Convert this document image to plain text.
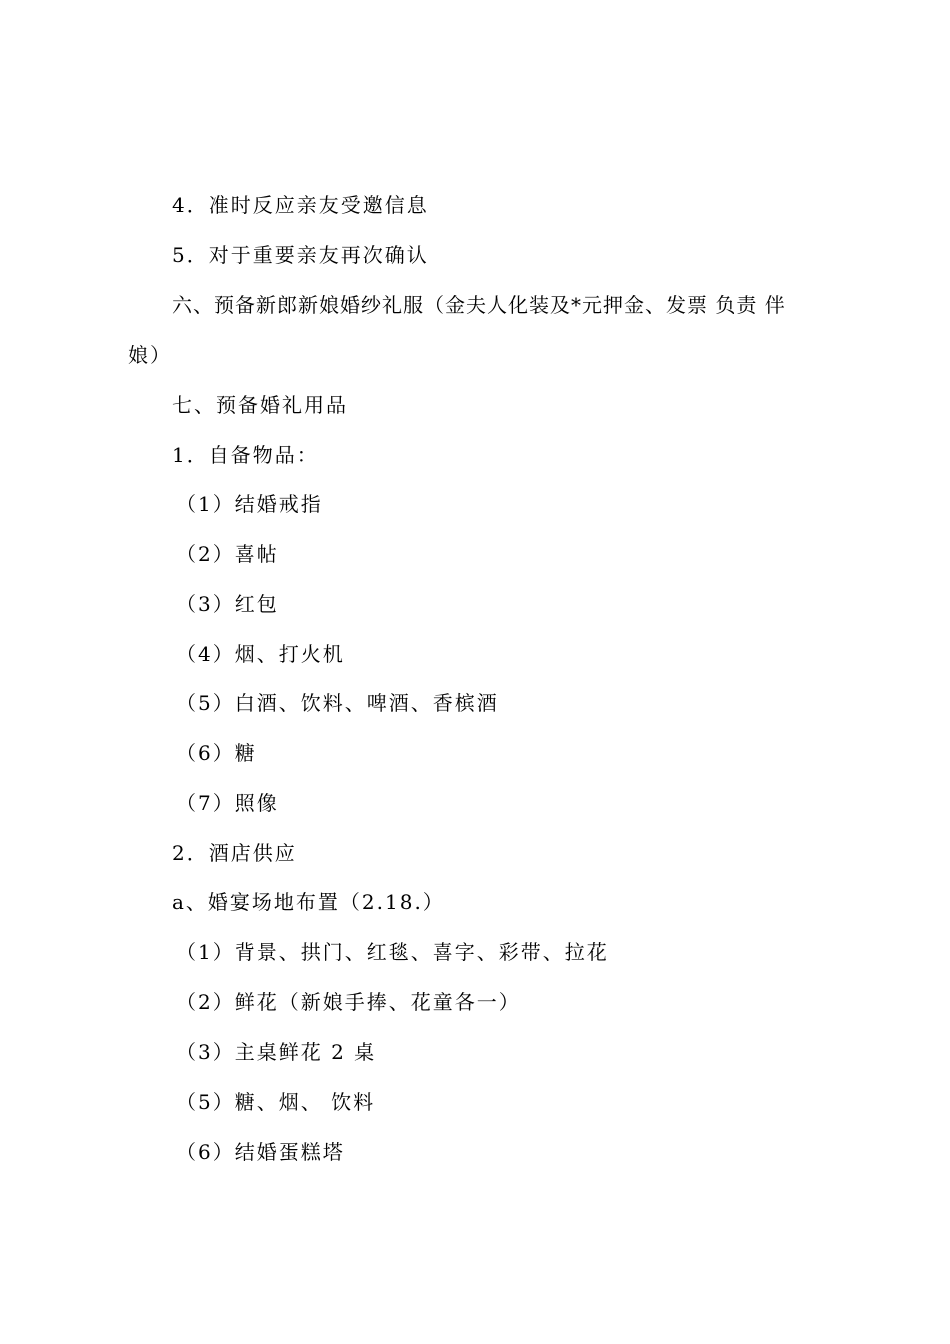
4．准时反应亲友受邀信息
5．对于重要亲友再次确认
六、预备新郎新娘婚纱礼服（金夫人化装及*元押金、发票 负责 伴
娘）
七、预备婚礼用品
1．自备物品：
（1）结婚戒指
（2）喜帖
（3）红包
（4）烟、打火机
（5）白酒、饮料、啤酒、香槟酒
（6）糖
（7）照像
2．酒店供应
a、婚宴场地布置（2.18.）
（1）背景、拱门、红毯、喜字、彩带、拉花
（2）鲜花（新娘手捧、花童各一）
（3）主桌鲜花 2 桌
（5）糖、烟、 饮料
（6）结婚蛋糕塔
